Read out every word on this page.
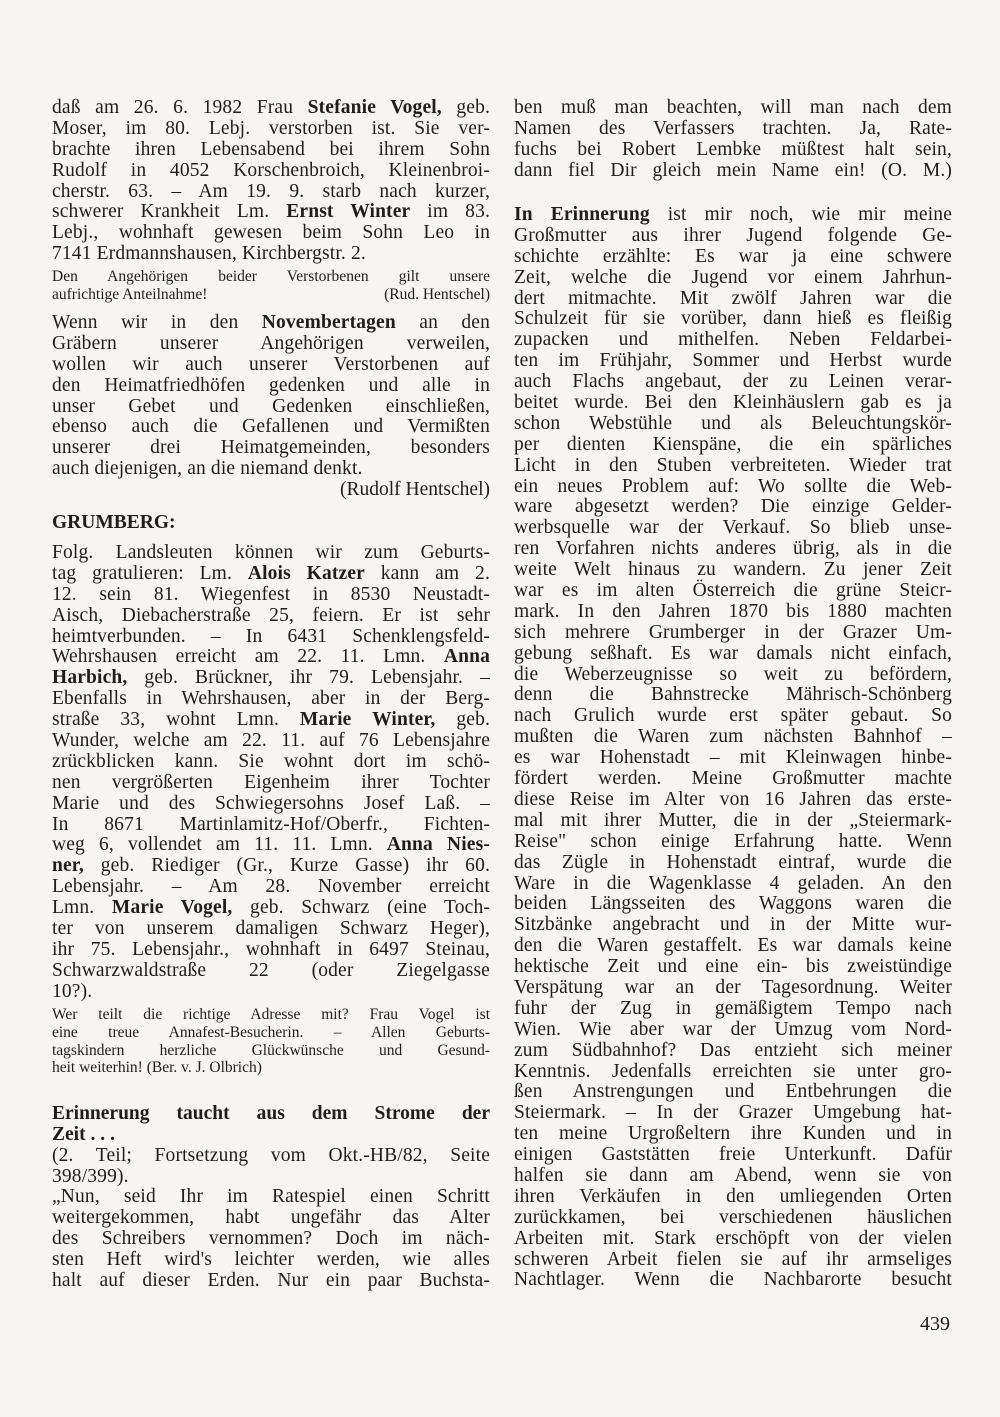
daß am 26. 6. 1982 Frau Stefanie Vogel, geb.
Moser, im 80. Lebj. verstorben ist. Sie ver-
brachte ihren Lebensabend bei ihrem Sohn
Rudolf in 4052 Korschenbroich, Kleinenbroi-
cherstr. 63. – Am 19. 9. starb nach kurzer,
schwerer Krankheit Lm. Ernst Winter im 83.
Lebj., wohnhaft gewesen beim Sohn Leo in
7141 Erdmannshausen, Kirchbergstr. 2.
Den Angehörigen beider Verstorbenen gilt unsere
aufrichtige Anteilnahme!	(Rud. Hentschel)
Wenn wir in den Novembertagen an den
Gräbern unserer Angehörigen verweilen,
wollen wir auch unserer Verstorbenen auf
den Heimatfriedhöfen gedenken und alle in
unser Gebet und Gedenken einschließen,
ebenso auch die Gefallenen und Vermißten
unserer drei Heimatgemeinden, besonders
auch diejenigen, an die niemand denkt.
(Rudolf Hentschel)
GRUMBERG:
Folg. Landsleuten können wir zum Geburts-
tag gratulieren: Lm. Alois Katzer kann am 2.
12. sein 81. Wiegenfest in 8530 Neustadt-
Aisch, Diebacherstraße 25, feiern. Er ist sehr
heimtverbunden. – In 6431 Schenklengsfeld-
Wehrshausen erreicht am 22. 11. Lmn. Anna
Harbich, geb. Brückner, ihr 79. Lebensjahr. –
Ebenfalls in Wehrshausen, aber in der Berg-
straße 33, wohnt Lmn. Marie Winter, geb.
Wunder, welche am 22. 11. auf 76 Lebensjahre
zrückblicken kann. Sie wohnt dort im schö-
nen vergrößerten Eigenheim ihrer Tochter
Marie und des Schwiegersohns Josef Laß. –
In 8671 Martinlamitz-Hof/Oberfr., Fichten-
weg 6, vollendet am 11. 11. Lmn. Anna Nies-
ner, geb. Riediger (Gr., Kurze Gasse) ihr 60.
Lebensjahr. – Am 28. November erreicht
Lmn. Marie Vogel, geb. Schwarz (eine Toch-
ter von unserem damaligen Schwarz Heger),
ihr 75. Lebensjahr., wohnhaft in 6497 Steinau,
Schwarzwaldstraße 22 (oder Ziegelgasse
10?).
Wer teilt die richtige Adresse mit? Frau Vogel ist
eine treue Annafest-Besucherin. – Allen Geburts-
tagskindern herzliche Glückwünsche und Gesund-
heit weiterhin! (Ber. v. J. Olbrich)
Erinnerung taucht aus dem Strome der
Zeit . . .
(2. Teil; Fortsetzung vom Okt.-HB/82, Seite
398/399).
„Nun, seid Ihr im Ratespiel einen Schritt
weitergekommen, habt ungefähr das Alter
des Schreibers vernommen? Doch im näch-
sten Heft wird's leichter werden, wie alles
halt auf dieser Erden. Nur ein paar Buchsta-
ben muß man beachten, will man nach dem
Namen des Verfassers trachten. Ja, Rate-
fuchs bei Robert Lembke müßtest halt sein,
dann fiel Dir gleich mein Name ein! (O. M.)
In Erinnerung ist mir noch, wie mir meine
Großmutter aus ihrer Jugend folgende Ge-
schichte erzählte: Es war ja eine schwere
Zeit, welche die Jugend vor einem Jahrhun-
dert mitmachte. Mit zwölf Jahren war die
Schulzeit für sie vorüber, dann hieß es fleißig
zupacken und mithelfen. Neben Feldarbei-
ten im Frühjahr, Sommer und Herbst wurde
auch Flachs angebaut, der zu Leinen verar-
beitet wurde. Bei den Kleinhäuslern gab es ja
schon Webstühle und als Beleuchtungskör-
per dienten Kienspäne, die ein spärliches
Licht in den Stuben verbreiteten. Wieder trat
ein neues Problem auf: Wo sollte die Web-
ware abgesetzt werden? Die einzige Gelder-
werbsquelle war der Verkauf. So blieb unse-
ren Vorfahren nichts anderes übrig, als in die
weite Welt hinaus zu wandern. Zu jener Zeit
war es im alten Österreich die grüne Steicr-
mark. In den Jahren 1870 bis 1880 machten
sich mehrere Grumberger in der Grazer Um-
gebung seßhaft. Es war damals nicht einfach,
die Weberzeugnisse so weit zu befördern,
denn die Bahnstrecke Mährisch-Schönberg
nach Grulich wurde erst später gebaut. So
mußten die Waren zum nächsten Bahnhof –
es war Hohenstadt – mit Kleinwagen hinbe-
fördert werden. Meine Großmutter machte
diese Reise im Alter von 16 Jahren das erste-
mal mit ihrer Mutter, die in der „Steiermark-
Reise" schon einige Erfahrung hatte. Wenn
das Zügle in Hohenstadt eintraf, wurde die
Ware in die Wagenklasse 4 geladen. An den
beiden Längsseiten des Waggons waren die
Sitzbänke angebracht und in der Mitte wur-
den die Waren gestaffelt. Es war damals keine
hektische Zeit und eine ein- bis zweistündige
Verspätung war an der Tagesordnung. Weiter
fuhr der Zug in gemäßigtem Tempo nach
Wien. Wie aber war der Umzug vom Nord-
zum Südbahnhof? Das entzieht sich meiner
Kenntnis. Jedenfalls erreichten sie unter gro-
ßen Anstrengungen und Entbehrungen die
Steiermark. – In der Grazer Umgebung hat-
ten meine Urgroßeltern ihre Kunden und in
einigen Gaststätten freie Unterkunft. Dafür
halfen sie dann am Abend, wenn sie von
ihren Verkäufen in den umliegenden Orten
zurückkamen, bei verschiedenen häuslichen
Arbeiten mit. Stark erschöpft von der vielen
schweren Arbeit fielen sie auf ihr armseliges
Nachtlager. Wenn die Nachbarorte besucht
439
